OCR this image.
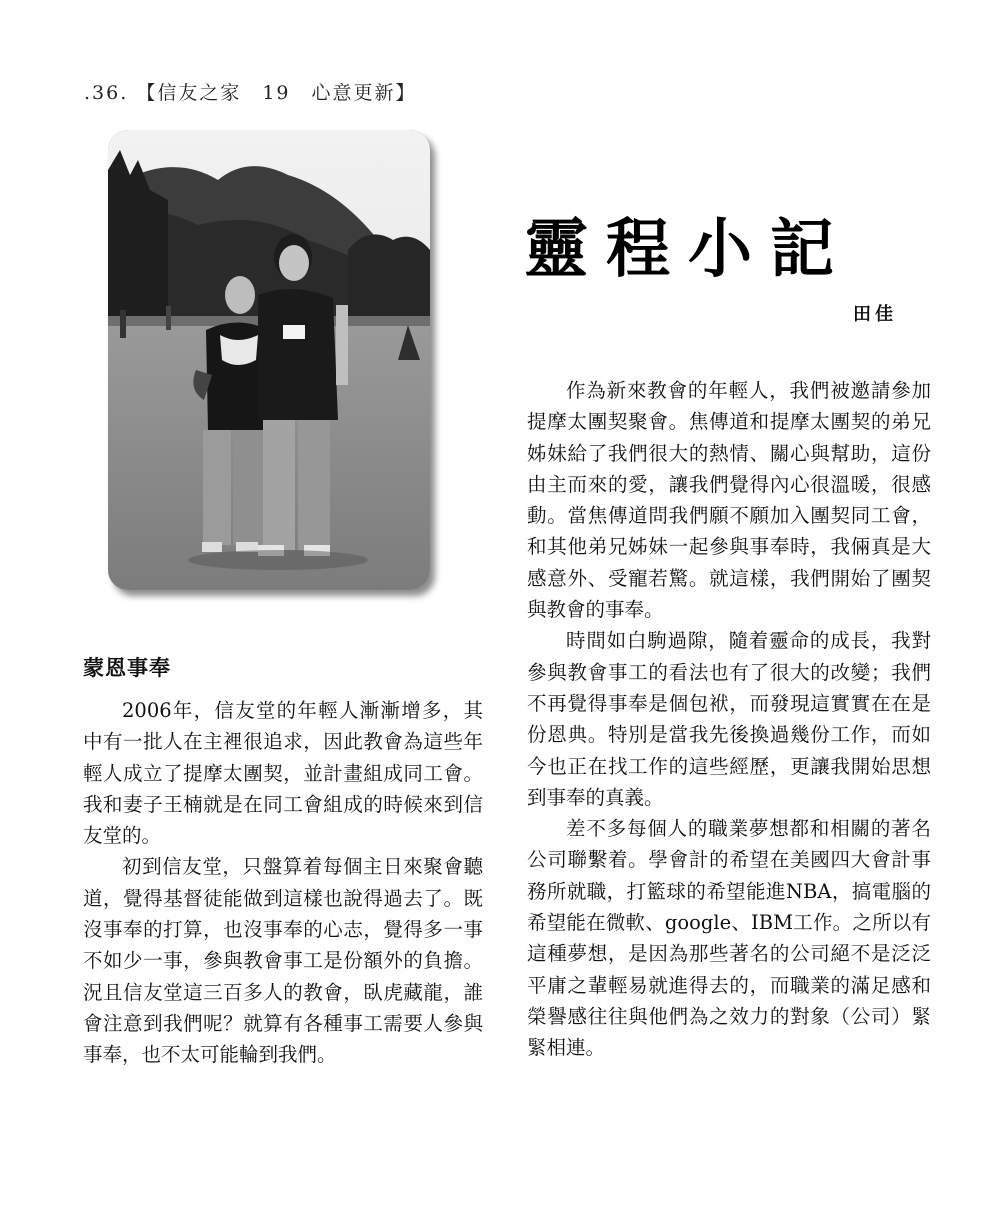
.36. 【信友之家　19　心意更新】
靈程小記
田佳
蒙恩事奉

2006年，信友堂的年輕人漸漸增多，其中有一批人在主裡很追求，因此教會為這些年輕人成立了提摩太團契，並計畫組成同工會。我和妻子王楠就是在同工會組成的時候來到信友堂的。

初到信友堂，只盤算着每個主日來聚會聽道，覺得基督徒能做到這樣也說得過去了。既沒事奉的打算，也沒事奉的心志，覺得多一事不如少一事，參與教會事工是份額外的負擔。況且信友堂這三百多人的教會，臥虎藏龍，誰會注意到我們呢？就算有各種事工需要人參與事奉，也不太可能輪到我們。

作為新來教會的年輕人，我們被邀請參加提摩太團契聚會。焦傳道和提摩太團契的弟兄姊妹給了我們很大的熱情、關心與幫助，這份由主而來的愛，讓我們覺得內心很溫暖，很感動。當焦傳道問我們願不願加入團契同工會，和其他弟兄姊妹一起參與事奉時，我倆真是大感意外、受寵若驚。就這樣，我們開始了團契與教會的事奉。

時間如白駒過隙，隨着靈命的成長，我對參與教會事工的看法也有了很大的改變；我們不再覺得事奉是個包袱，而發現這實實在在是份恩典。特別是當我先後換過幾份工作，而如今也正在找工作的這些經歷，更讓我開始思想到事奉的真義。

差不多每個人的職業夢想都和相關的著名公司聯繫着。學會計的希望在美國四大會計事務所就職，打籃球的希望能進NBA，搞電腦的希望能在微軟、google、IBM工作。之所以有這種夢想，是因為那些著名的公司絕不是泛泛平庸之輩輕易就進得去的，而職業的滿足感和榮譽感往往與他們為之效力的對象（公司）緊緊相連。
